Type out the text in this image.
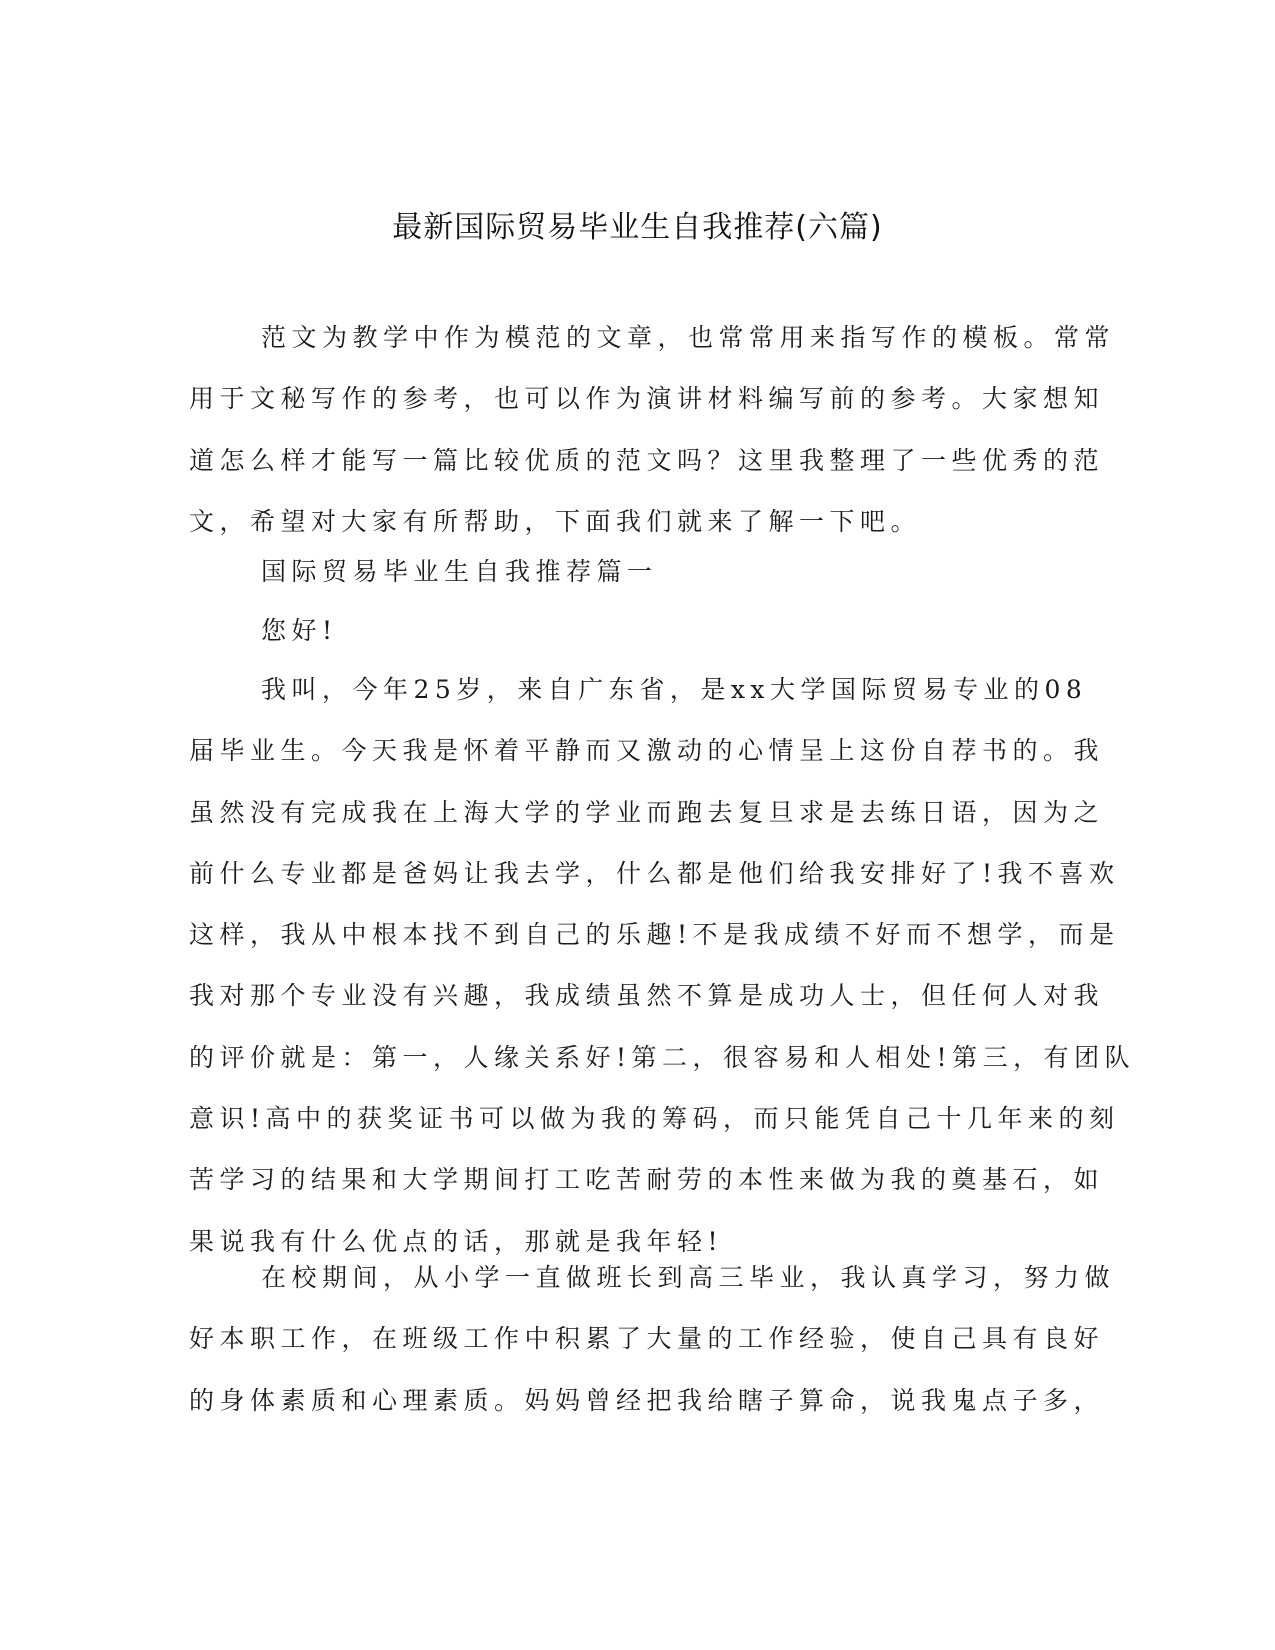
最新国际贸易毕业生自我推荐(六篇)
范文为教学中作为模范的文章，也常常用来指写作的模板。常常
用于文秘写作的参考，也可以作为演讲材料编写前的参考。大家想知
道怎么样才能写一篇比较优质的范文吗？这里我整理了一些优秀的范
文，希望对大家有所帮助，下面我们就来了解一下吧。
国际贸易毕业生自我推荐篇一
您好!
我叫，今年25岁，来自广东省，是xx大学国际贸易专业的08
届毕业生。今天我是怀着平静而又激动的心情呈上这份自荐书的。我
虽然没有完成我在上海大学的学业而跑去复旦求是去练日语，因为之
前什么专业都是爸妈让我去学，什么都是他们给我安排好了!我不喜欢
这样，我从中根本找不到自己的乐趣!不是我成绩不好而不想学，而是
我对那个专业没有兴趣，我成绩虽然不算是成功人士，但任何人对我
的评价就是：第一，人缘关系好!第二，很容易和人相处!第三，有团队
意识!高中的获奖证书可以做为我的筹码，而只能凭自己十几年来的刻
苦学习的结果和大学期间打工吃苦耐劳的本性来做为我的奠基石，如
果说我有什么优点的话，那就是我年轻!
在校期间，从小学一直做班长到高三毕业，我认真学习，努力做
好本职工作，在班级工作中积累了大量的工作经验，使自己具有良好
的身体素质和心理素质。妈妈曾经把我给瞎子算命，说我鬼点子多，
